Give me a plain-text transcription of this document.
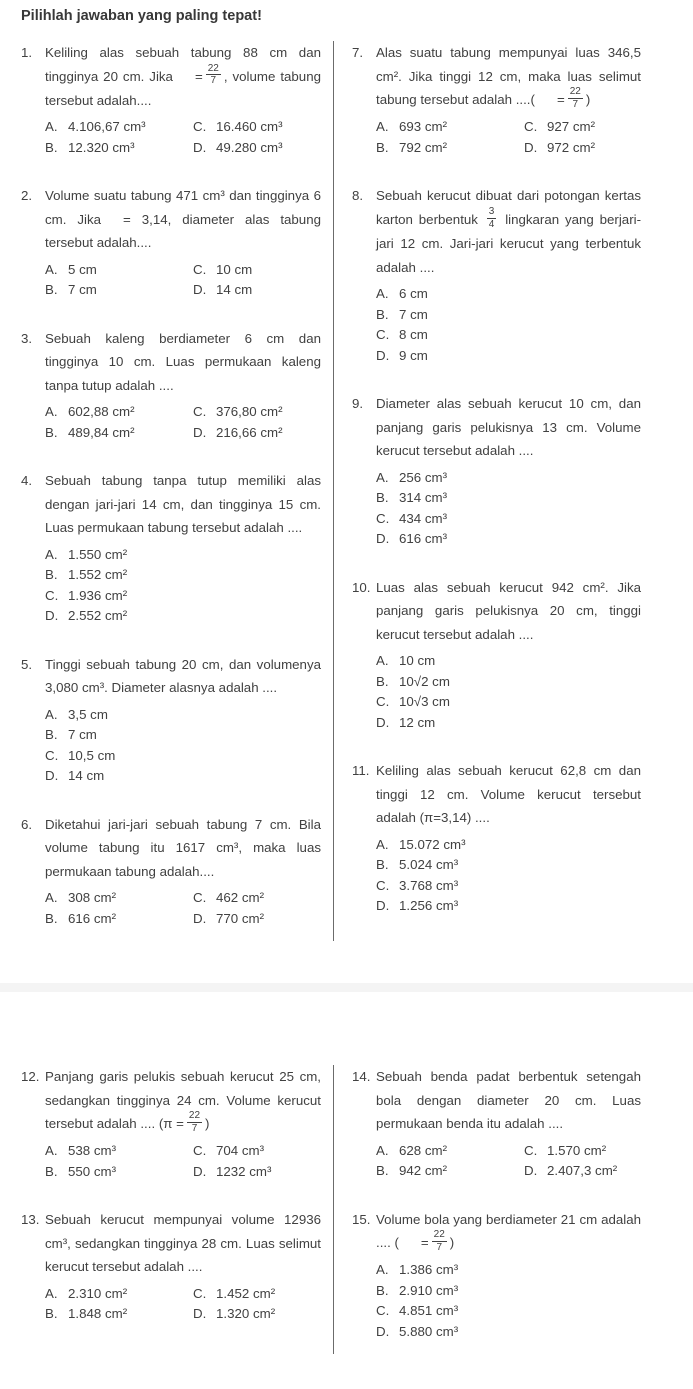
Pilihlah jawaban yang paling tepat!
1. Keliling alas sebuah tabung 88 cm dan tingginya 20 cm. Jika = $\frac{22}{7}$ , volume tabung tersebut adalah....

A. 4.106,67 cm³
B. 12.320 cm³
C. 16.460 cm³
D. 49.280 cm³
2. Volume suatu tabung 471 cm³ dan tingginya 6 cm. Jika = 3,14, diameter alas tabung tersebut adalah....

A. 5 cm
B. 7 cm
C. 10 cm
D. 14 cm
3. Sebuah kaleng berdiameter 6 cm dan tingginya 10 cm. Luas permukaan kaleng tanpa tutup adalah ....

A. 602,88 cm²
B. 489,84 cm²
C. 376,80 cm²
D. 216,66 cm²
4. Sebuah tabung tanpa tutup memiliki alas dengan jari-jari 14 cm, dan tingginya 15 cm. Luas permukaan tabung tersebut adalah ....

A. 1.550 cm²
B. 1.552 cm²
C. 1.936 cm²
D. 2.552 cm²
5. Tinggi sebuah tabung 20 cm, dan volumenya 3,080 cm³. Diameter alasnya adalah ....

A. 3,5 cm
B. 7 cm
C. 10,5 cm
D. 14 cm
6. Diketahui jari-jari sebuah tabung 7 cm. Bila volume tabung itu 1617 cm³, maka luas permukaan tabung adalah....

A. 308 cm²
B. 616 cm²
C. 462 cm²
D. 770 cm²
7. Alas suatu tabung mempunyai luas 346,5 cm². Jika tinggi 12 cm, maka luas selimut tabung tersebut adalah ....( = $\frac{22}{7}$ )

A. 693 cm²
B. 792 cm²
C. 927 cm²
D. 972 cm²
8. Sebuah kerucut dibuat dari potongan kertas karton berbentuk $\frac{3}{4}$ lingkaran yang berjari-jari 12 cm. Jari-jari kerucut yang terbentuk adalah ....

A. 6 cm
B. 7 cm
C. 8 cm
D. 9 cm
9. Diameter alas sebuah kerucut 10 cm, dan panjang garis pelukisnya 13 cm. Volume kerucut tersebut adalah ....

A. 256 cm³
B. 314 cm³
C. 434 cm³
D. 616 cm³
10. Luas alas sebuah kerucut 942 cm². Jika panjang garis pelukisnya 20 cm, tinggi kerucut tersebut adalah ....

A. 10 cm
B. 10√2 cm
C. 10√3 cm
D. 12 cm
11. Keliling alas sebuah kerucut 62,8 cm dan tinggi 12 cm. Volume kerucut tersebut adalah (π=3,14) ....

A. 15.072 cm³
B. 5.024 cm³
C. 3.768 cm³
D. 1.256 cm³
12. Panjang garis pelukis sebuah kerucut 25 cm, sedangkan tingginya 24 cm. Volume kerucut tersebut adalah .... ($\pi = \frac{22}{7}$ )

A. 538 cm³
B. 550 cm³
C. 704 cm³
D. 1232 cm³
13. Sebuah kerucut mempunyai volume 12936 cm³, sedangkan tingginya 28 cm. Luas selimut kerucut tersebut adalah ....

A. 2.310 cm²
B. 1.848 cm²
C. 1.452 cm²
D. 1.320 cm²
14. Sebuah benda padat berbentuk setengah bola dengan diameter 20 cm. Luas permukaan benda itu adalah ....

A. 628 cm²
B. 942 cm²
C. 1.570 cm²
D. 2.407,3 cm²
15. Volume bola yang berdiameter 21 cm adalah .... ( = $\frac{22}{7}$ )

A. 1.386 cm³
B. 2.910 cm³
C. 4.851 cm³
D. 5.880 cm³
